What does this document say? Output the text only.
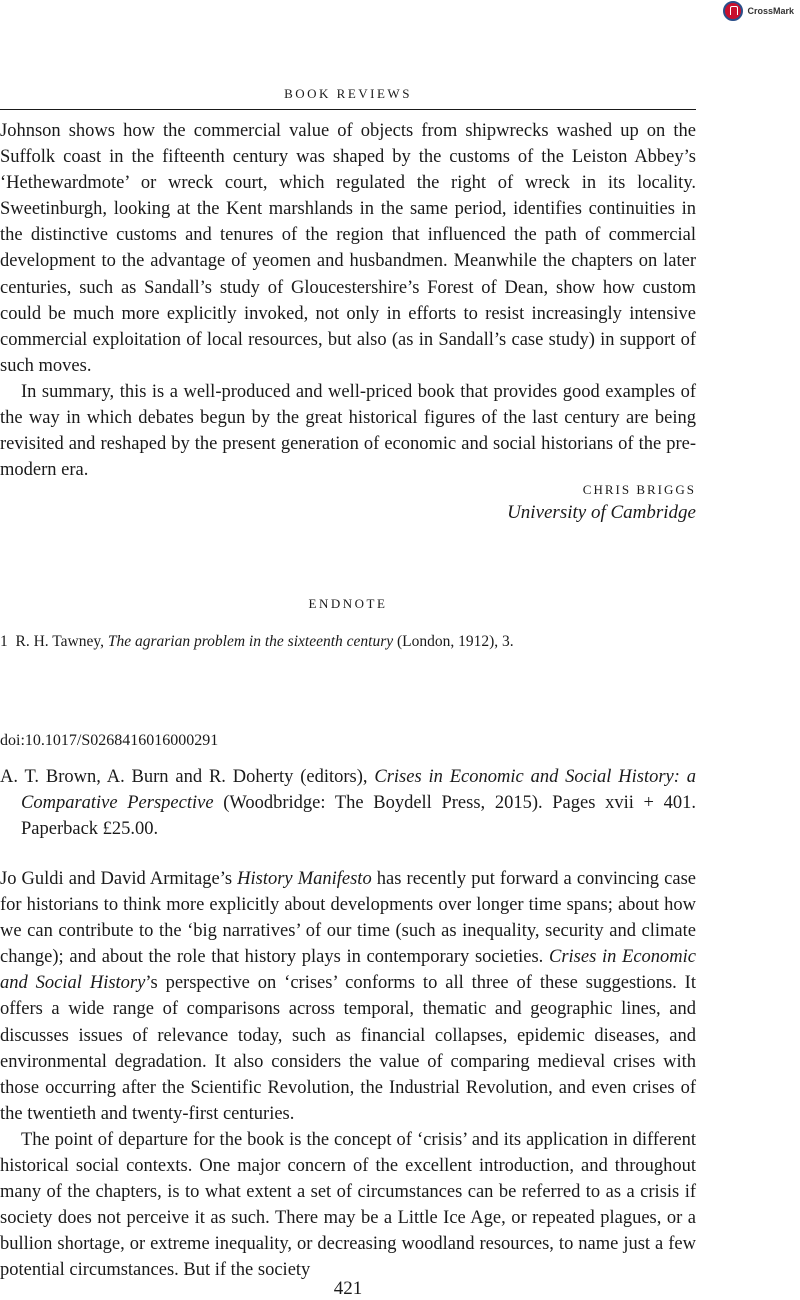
CrossMark
BOOK REVIEWS

Johnson shows how the commercial value of objects from shipwrecks washed up on the Suffolk coast in the fifteenth century was shaped by the customs of the Leiston Abbey’s ‘Hethewardmote’ or wreck court, which regulated the right of wreck in its locality. Sweetinburgh, looking at the Kent marshlands in the same period, identifies continuities in the distinctive customs and tenures of the region that influenced the path of commercial development to the advantage of yeomen and husbandmen. Meanwhile the chapters on later centuries, such as Sandall’s study of Gloucestershire’s Forest of Dean, show how custom could be much more explicitly invoked, not only in efforts to resist increasingly intensive commercial exploitation of local resources, but also (as in Sandall’s case study) in support of such moves.

In summary, this is a well-produced and well-priced book that provides good examples of the way in which debates begun by the great historical figures of the last century are being revisited and reshaped by the present generation of economic and social historians of the pre-modern era.

CHRIS BRIGGS
University of Cambridge
ENDNOTE
1 R. H. Tawney, The agrarian problem in the sixteenth century (London, 1912), 3.
doi:10.1017/S0268416016000291
A. T. Brown, A. Burn and R. Doherty (editors), Crises in Economic and Social History: a Comparative Perspective (Woodbridge: The Boydell Press, 2015). Pages xvii + 401. Paperback £25.00.

Jo Guldi and David Armitage’s History Manifesto has recently put forward a convincing case for historians to think more explicitly about developments over longer time spans; about how we can contribute to the ‘big narratives’ of our time (such as inequality, security and climate change); and about the role that history plays in contemporary societies. Crises in Economic and Social History’s perspective on ‘crises’ conforms to all three of these suggestions. It offers a wide range of comparisons across temporal, thematic and geographic lines, and discusses issues of relevance today, such as financial collapses, epidemic diseases, and environmental degradation. It also considers the value of comparing medieval crises with those occurring after the Scientific Revolution, the Industrial Revolution, and even crises of the twentieth and twenty-first centuries.

The point of departure for the book is the concept of ‘crisis’ and its application in different historical social contexts. One major concern of the excellent introduction, and throughout many of the chapters, is to what extent a set of circumstances can be referred to as a crisis if society does not perceive it as such. There may be a Little Ice Age, or repeated plagues, or a bullion shortage, or extreme inequality, or decreasing woodland resources, to name just a few potential circumstances. But if the society

421
